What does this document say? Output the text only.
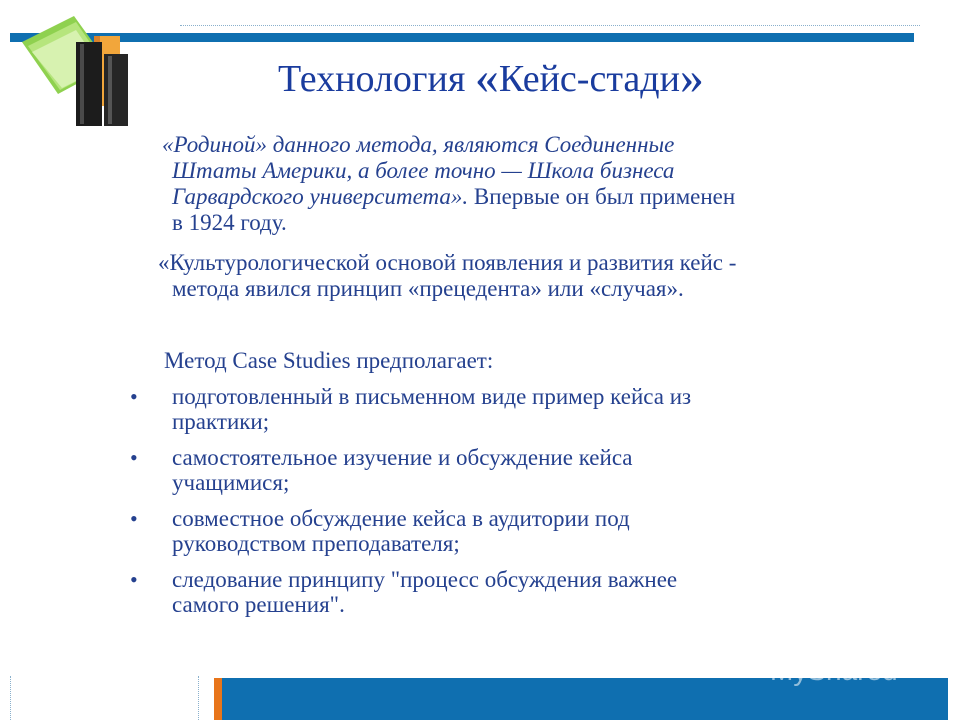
Технология «Кейс-стади»
«Родиной» данного метода, являются Соединенные
Штаты Америки, а более точно — Школа бизнеса
Гарвардского университета». Впервые он был применен
в 1924 году.
«Культурологической основой появления и развития кейс -
метода явился принцип «прецедента» или «случая».
Метод Case Studies предполагает:
• подготовленный в письменном виде пример кейса из
практики;
• самостоятельное изучение и обсуждение кейса
учащимися;
• совместное обсуждение кейса в аудитории под
руководством преподавателя;
• следование принципу "процесс обсуждения важнее
самого решения".
MyShared
